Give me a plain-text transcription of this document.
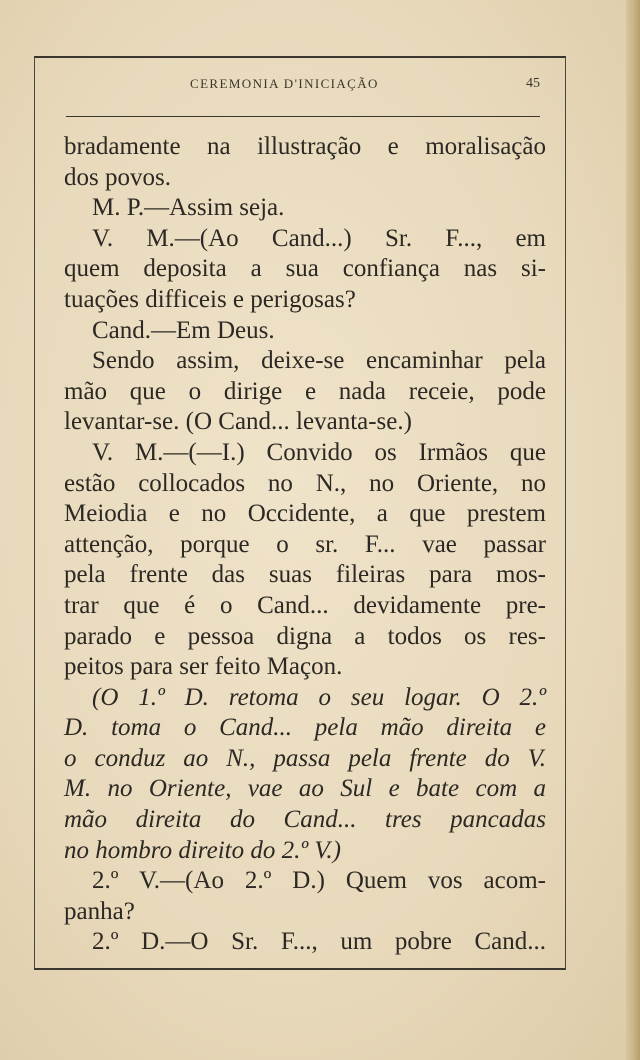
CEREMONIA D'INICIAÇÃO	45
bradamente na illustração e moralisação
dos povos.
M. P.—Assim seja.
V. M.—(Ao Cand...) Sr. F..., em
quem deposita a sua confiança nas si-
tuações difficeis e perigosas?
Cand.—Em Deus.
Sendo assim, deixe-se encaminhar pela
mão que o dirige e nada receie, pode
levantar-se. (O Cand... levanta-se.)
V. M.—(—I.) Convido os Irmãos que
estão collocados no N., no Oriente, no
Meiodia e no Occidente, a que prestem
attenção, porque o sr. F... vae passar
pela frente das suas fileiras para mos-
trar que é o Cand... devidamente pre-
parado e pessoa digna a todos os res-
peitos para ser feito Maçon.
(O 1.º D. retoma o seu logar. O 2.º
D. toma o Cand... pela mão direita e
o conduz ao N., passa pela frente do V.
M. no Oriente, vae ao Sul e bate com a
mão direita do Cand... tres pancadas
no hombro direito do 2.º V.)
2.º V.—(Ao 2.º D.) Quem vos acom-
panha?
2.º D.—O Sr. F..., um pobre Cand...
